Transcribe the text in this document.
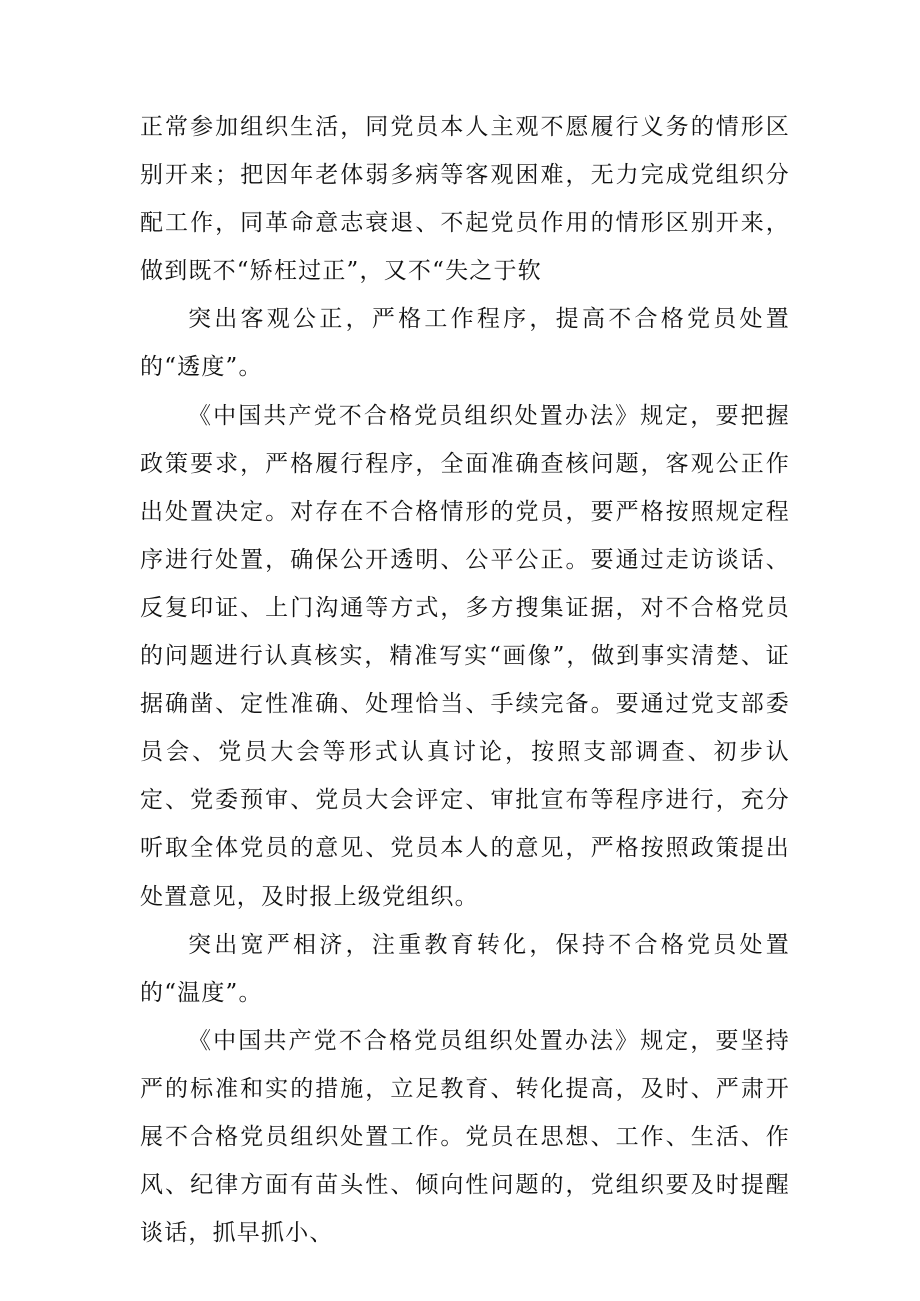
正常参加组织生活，同党员本人主观不愿履行义务的情形区别开来；把因年老体弱多病等客观困难，无力完成党组织分配工作，同革命意志衰退、不起党员作用的情形区别开来，做到既不“矫枉过正”，又不“失之于软

突出客观公正，严格工作程序，提高不合格党员处置的“透度”。

《中国共产党不合格党员组织处置办法》规定，要把握政策要求，严格履行程序，全面准确查核问题，客观公正作出处置决定。对存在不合格情形的党员，要严格按照规定程序进行处置，确保公开透明、公平公正。要通过走访谈话、反复印证、上门沟通等方式，多方搜集证据，对不合格党员的问题进行认真核实，精准写实“画像”，做到事实清楚、证据确凿、定性准确、处理恰当、手续完备。要通过党支部委员会、党员大会等形式认真讨论，按照支部调查、初步认定、党委预审、党员大会评定、审批宣布等程序进行，充分听取全体党员的意见、党员本人的意见，严格按照政策提出处置意见，及时报上级党组织。

突出宽严相济，注重教育转化，保持不合格党员处置的“温度”。

《中国共产党不合格党员组织处置办法》规定，要坚持严的标准和实的措施，立足教育、转化提高，及时、严肃开展不合格党员组织处置工作。党员在思想、工作、生活、作风、纪律方面有苗头性、倾向性问题的，党组织要及时提醒谈话，抓早抓小、
